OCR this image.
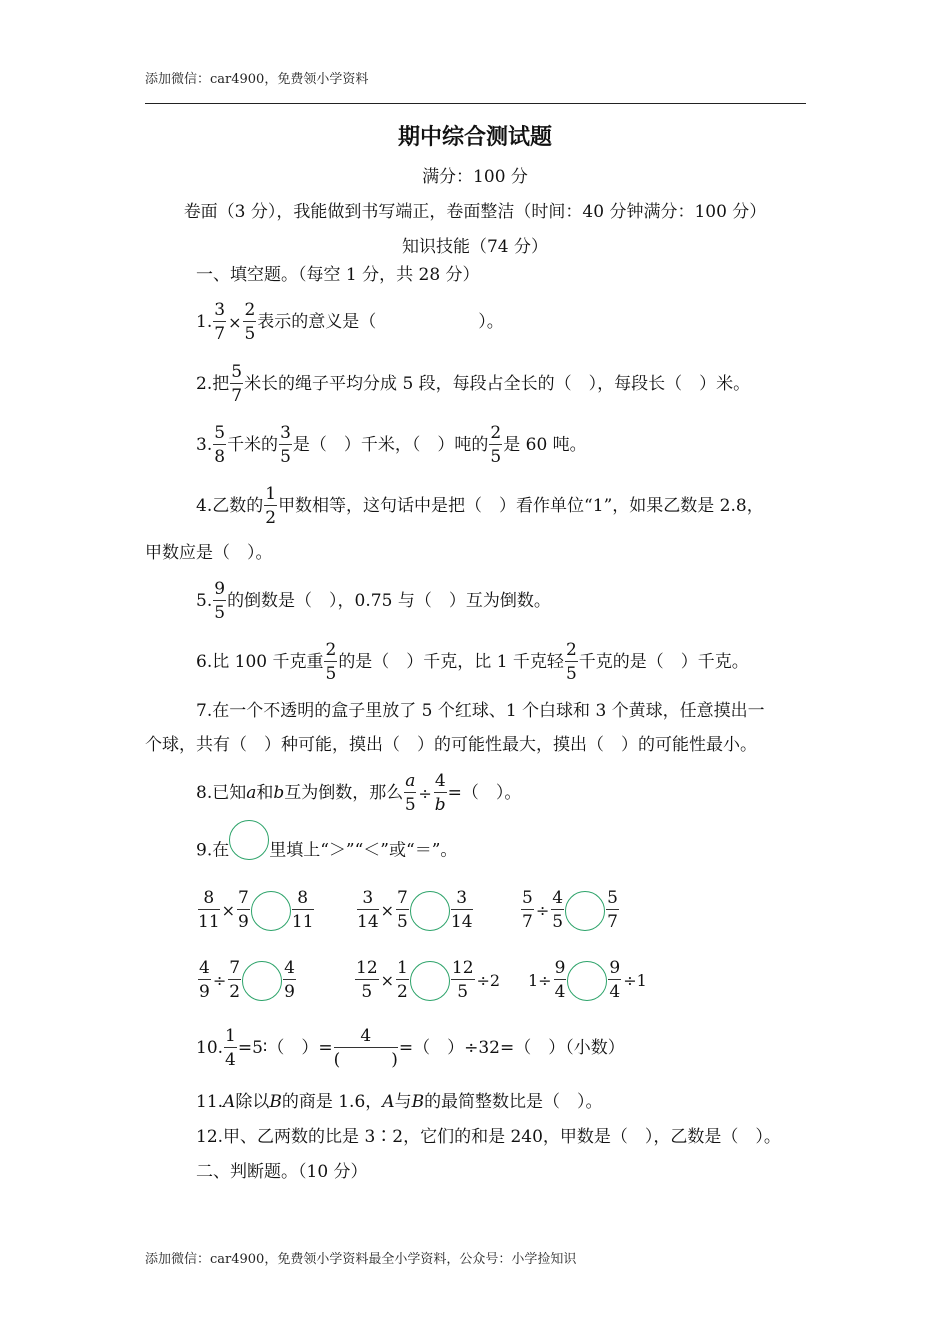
添加微信：car4900，免费领小学资料
期中综合测试题
满分：100 分
卷面（3 分），我能做到书写端正，卷面整洁（时间：40 分钟满分：100 分）
知识技能（74 分）
一、填空题。（每空 1 分，共 28 分）
1. $\frac{3}{7} \times \frac{2}{5}$ 表示的意义是（　　　　　　）。
2.把 $\frac{5}{7}$ 米长的绳子平均分成 5 段，每段占全长的（　），每段长（　）米。
3. $\frac{5}{8}$ 千米的 $\frac{3}{5}$ 是（　）千米，（　）吨的 $\frac{2}{5}$ 是 60 吨。
4.乙数的 $\frac{1}{2}$ 甲数相等，这句话中是把（　）看作单位“1”，如果乙数是 2.8，
甲数应是（　）。
5. $\frac{9}{5}$ 的倒数是（　），0.75 与（　）互为倒数。
6.比 100 千克重 $\frac{2}{5}$ 的是（　）千克，比 1 千克轻 $\frac{2}{5}$ 千克的是（　）千克。
7.在一个不透明的盒子里放了 5 个红球、1 个白球和 3 个黄球，任意摸出一
个球，共有（　）种可能，摸出（　）的可能性最大，摸出（　）的可能性最小。
8.已知a和b互为倒数，那么 $\frac{a}{5} \div \frac{4}{b}$ =（　）。
9.在 里填上“＞”“＜”或“＝”。
$\frac{8}{11} \times \frac{7}{9} \frac{8}{11}$	$\frac{3}{14} \times \frac{7}{5} \frac{3}{14}$	$\frac{5}{7} \div \frac{4}{5} \frac{5}{7}$
$\frac{4}{9} \div \frac{7}{2} \frac{4}{9}$	$\frac{12}{5} \times \frac{1}{2} \frac{12}{5} \div 2$ $1\div \frac{9}{4} \frac{9}{4} \div 1$
10. $\frac{1}{4}$ =5∶（　）= $\frac{4}{( )}$ =（　）÷32=（　）（小数）
11.A除以B的商是 1.6，A与B的最简整数比是（　）。
12.甲、乙两数的比是 3∶2，它们的和是 240，甲数是（　），乙数是（　）。
二、判断题。（10 分）
添加微信：car4900，免费领小学资料最全小学资料，公众号：小学捡知识
